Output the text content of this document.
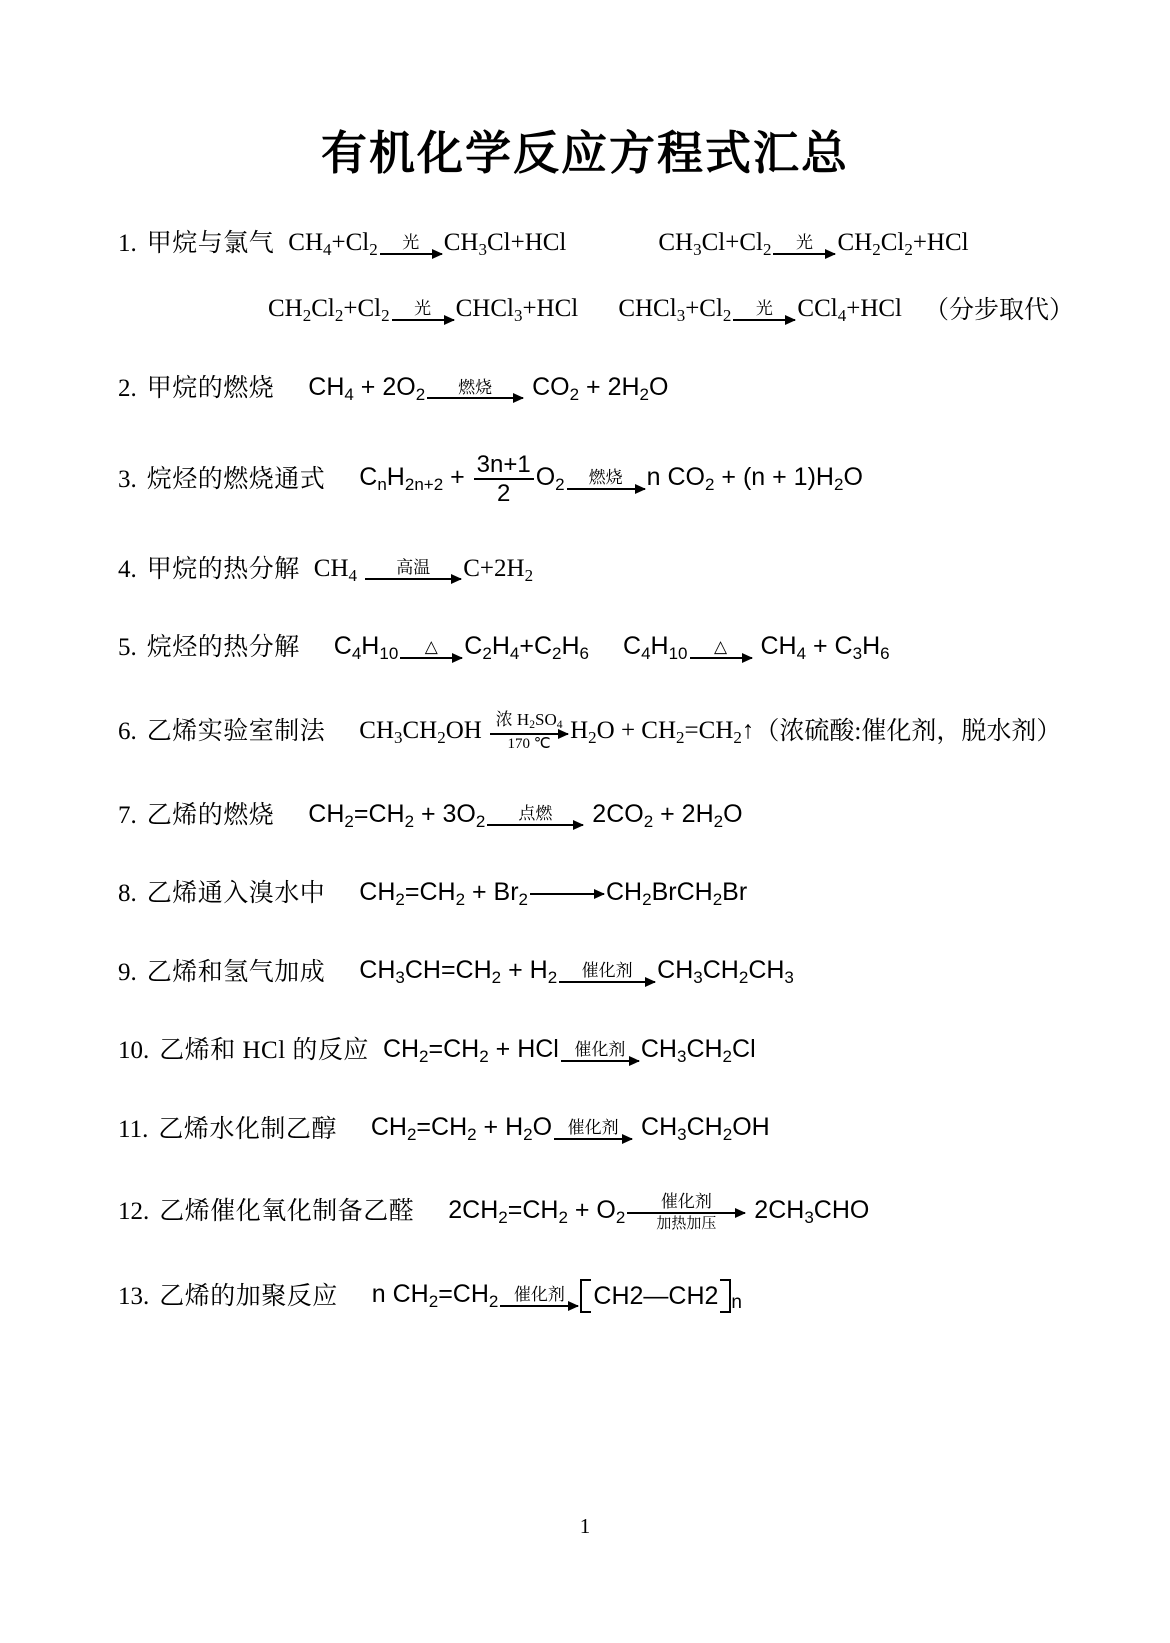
有机化学反应方程式汇总
1. 甲烷与氯气 $CH_4+Cl_2$ 光 $CH_3Cl+HCl$	$CH_3Cl+Cl_2$ 光 $CH_2Cl_2+HCl$
$CH_2Cl_2+Cl_2$ 光 CHCl$_3$+HCl $CHCl_3+Cl_2$ 光 CCl$_4$+HCl （分步取代）
2. 甲烷的燃烧 $CH_4 + 2O_2$ 燃烧 $CO_2 + 2H_2O$
3. 烷烃的燃烧通式 $C_nH_{2n+2} + \frac{3n+1}{2} O_2$ 燃烧 n $CO_2 + (n + 1)H_2O$
4. 甲烷的热分解 $CH_4$	高温 $C+2H_2$
5. 烷烃的热分解 $C_4H_{10}$ △ $C_2H_4+C_2H_6$ $C_4H_{10}$ △ $CH_4 + C_3H_6$
6. 乙烯实验室制法 $CH_3CH_2OH$ 浓 $H_2SO_4$
170 ℃
$H_2O$ + $CH_2=CH_2↑$ （浓硫酸:催化剂，脱水剂）
7. 乙烯的燃烧 $CH_2=CH_2 + 3O_2$ 点燃 $2CO_2 + 2H_2O$
8. 乙烯通入溴水中 $CH_2=CH_2 + Br_2$	$CH_2BrCH_2Br$
9. 乙烯和氢气加成 $CH_3CH=CH_2 + H_2$ 催化剂 $CH_3CH_2CH_3$
10. 乙烯和 HCl 的反应 $CH_2=CH_2$ + HCl 催化剂 $CH_3CH_2Cl$
11. 乙烯水化制乙醇 $CH_2=CH_2 + H_2O$ 催化剂 $CH_3CH_2OH$
12. 乙烯催化氧化制备乙醛 $2CH_2=CH_2 + O_2$
催化剂
加热加压 $2CH_3CHO$
13. 乙烯的加聚反应 n $CH_2=CH_2$ 催化剂 CH2—CH2 n
1
